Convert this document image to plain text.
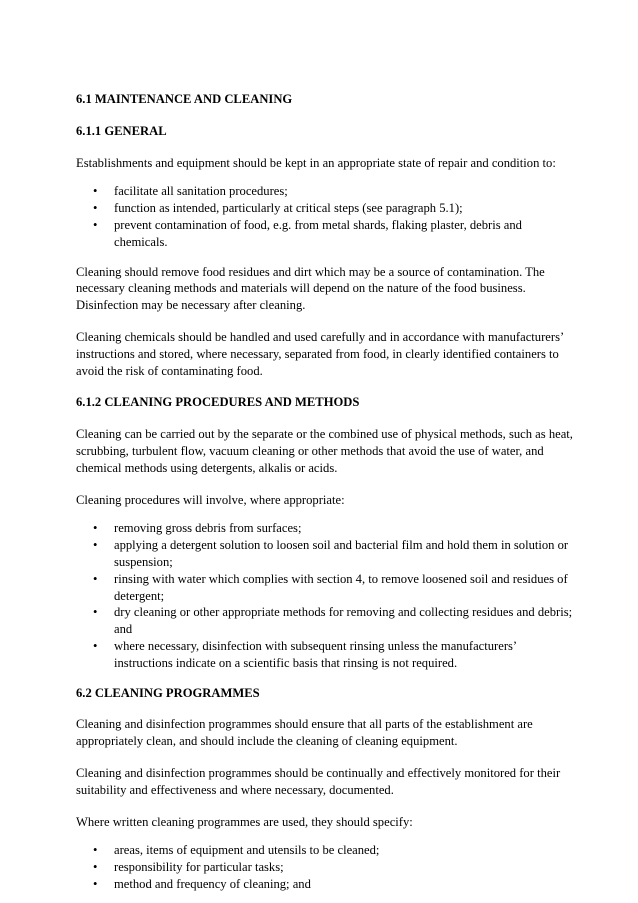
6.1 MAINTENANCE AND CLEANING

6.1.1 GENERAL

Establishments and equipment should be kept in an appropriate state of repair and condition to:

• facilitate all sanitation procedures;
• function as intended, particularly at critical steps (see paragraph 5.1);
• prevent contamination of food, e.g. from metal shards, flaking plaster, debris and chemicals.

Cleaning should remove food residues and dirt which may be a source of contamination. The necessary cleaning methods and materials will depend on the nature of the food business. Disinfection may be necessary after cleaning.

Cleaning chemicals should be handled and used carefully and in accordance with manufacturers’ instructions and stored, where necessary, separated from food, in clearly identified containers to avoid the risk of contaminating food.

6.1.2 CLEANING PROCEDURES AND METHODS

Cleaning can be carried out by the separate or the combined use of physical methods, such as heat, scrubbing, turbulent flow, vacuum cleaning or other methods that avoid the use of water, and chemical methods using detergents, alkalis or acids.

Cleaning procedures will involve, where appropriate:

• removing gross debris from surfaces;
• applying a detergent solution to loosen soil and bacterial film and hold them in solution or suspension;
• rinsing with water which complies with section 4, to remove loosened soil and residues of detergent;
• dry cleaning or other appropriate methods for removing and collecting residues and debris; and
• where necessary, disinfection with subsequent rinsing unless the manufacturers’ instructions indicate on a scientific basis that rinsing is not required.

6.2 CLEANING PROGRAMMES

Cleaning and disinfection programmes should ensure that all parts of the establishment are appropriately clean, and should include the cleaning of cleaning equipment.

Cleaning and disinfection programmes should be continually and effectively monitored for their suitability and effectiveness and where necessary, documented.

Where written cleaning programmes are used, they should specify:

• areas, items of equipment and utensils to be cleaned;
• responsibility for particular tasks;
• method and frequency of cleaning; and
